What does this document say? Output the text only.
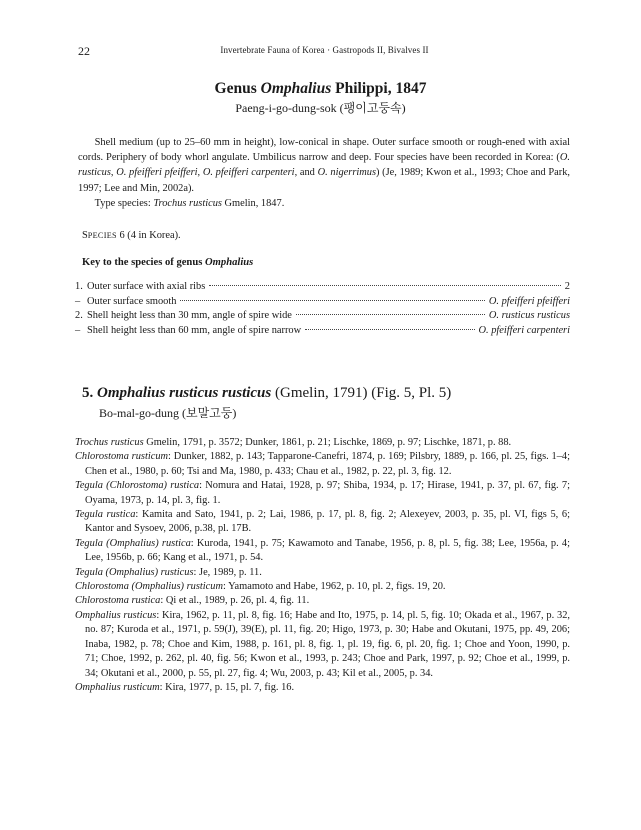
22	Invertebrate Fauna of Korea · Gastropods II, Bivalves II
Genus Omphalius Philippi, 1847
Paeng-i-go-dung-sok (팽이고둥속)
Shell medium (up to 25–60 mm in height), low-conical in shape. Outer surface smooth or rough-ened with axial cords. Periphery of body whorl angulate. Umbilicus narrow and deep. Four species have been recorded in Korea: (O. rusticus, O. pfeifferi pfeifferi, O. pfeifferi carpenteri, and O. nigerrimus) (Je, 1989; Kwon et al., 1993; Choe and Park, 1997; Lee and Min, 2002a).
Type species: Trochus rusticus Gmelin, 1847.
SPECIES 6 (4 in Korea).
Key to the species of genus Omphalius
1. Outer surface with axial ribs	2
– Outer surface smooth	O. pfeifferi pfeifferi
2. Shell height less than 30 mm, angle of spire wide	O. rusticus rusticus
– Shell height less than 60 mm, angle of spire narrow	O. pfeifferi carpenteri
5. Omphalius rusticus rusticus (Gmelin, 1791) (Fig. 5, Pl. 5)
Bo-mal-go-dung (보말고둥)

Trochus rusticus Gmelin, 1791, p. 3572; Dunker, 1861, p. 21; Lischke, 1869, p. 97; Lischke, 1871, p. 88.

Chlorostoma rusticum: Dunker, 1882, p. 143; Tapparone-Canefri, 1874, p. 169; Pilsbry, 1889, p. 166, pl. 25, figs. 1–4; Chen et al., 1980, p. 60; Tsi and Ma, 1980, p. 433; Chau et al., 1982, p. 22, pl. 3, fig. 12.

Tegula (Chlorostoma) rustica: Nomura and Hatai, 1928, p. 97; Shiba, 1934, p. 17; Hirase, 1941, p. 37, pl. 67, fig. 7; Oyama, 1973, p. 14, pl. 3, fig. 1.

Tegula rustica: Kamita and Sato, 1941, p. 2; Lai, 1986, p. 17, pl. 8, fig. 2; Alexeyev, 2003, p. 35, pl. VI, figs 5, 6; Kantor and Sysoev, 2006, p.38, pl. 17B.

Tegula (Omphalius) rustica: Kuroda, 1941, p. 75; Kawamoto and Tanabe, 1956, p. 8, pl. 5, fig. 38; Lee, 1956a, p. 4; Lee, 1956b, p. 66; Kang et al., 1971, p. 54.

Tegula (Omphalius) rusticus: Je, 1989, p. 11.

Chlorostoma (Omphalius) rusticum: Yamamoto and Habe, 1962, p. 10, pl. 2, figs. 19, 20.

Chlorostoma rustica: Qi et al., 1989, p. 26, pl. 4, fig. 11.

Omphalius rusticus: Kira, 1962, p. 11, pl. 8, fig. 16; Habe and Ito, 1975, p. 14, pl. 5, fig. 10; Okada et al., 1967, p. 32, no. 87; Kuroda et al., 1971, p. 59(J), 39(E), pl. 11, fig. 20; Higo, 1973, p. 30; Habe and Okutani, 1975, pp. 49, 206; Inaba, 1982, p. 78; Choe and Kim, 1988, p. 161, pl. 8, fig. 1, pl. 19, fig. 6, pl. 20, fig. 1; Choe and Yoon, 1990, p. 71; Choe, 1992, p. 262, pl. 40, fig. 56; Kwon et al., 1993, p. 243; Choe and Park, 1997, p. 92; Choe et al., 1999, p. 34; Okutani et al., 2000, p. 55, pl. 27, fig. 4; Wu, 2003, p. 43; Kil et al., 2005, p. 34.

Omphalius rusticum: Kira, 1977, p. 15, pl. 7, fig. 16.
